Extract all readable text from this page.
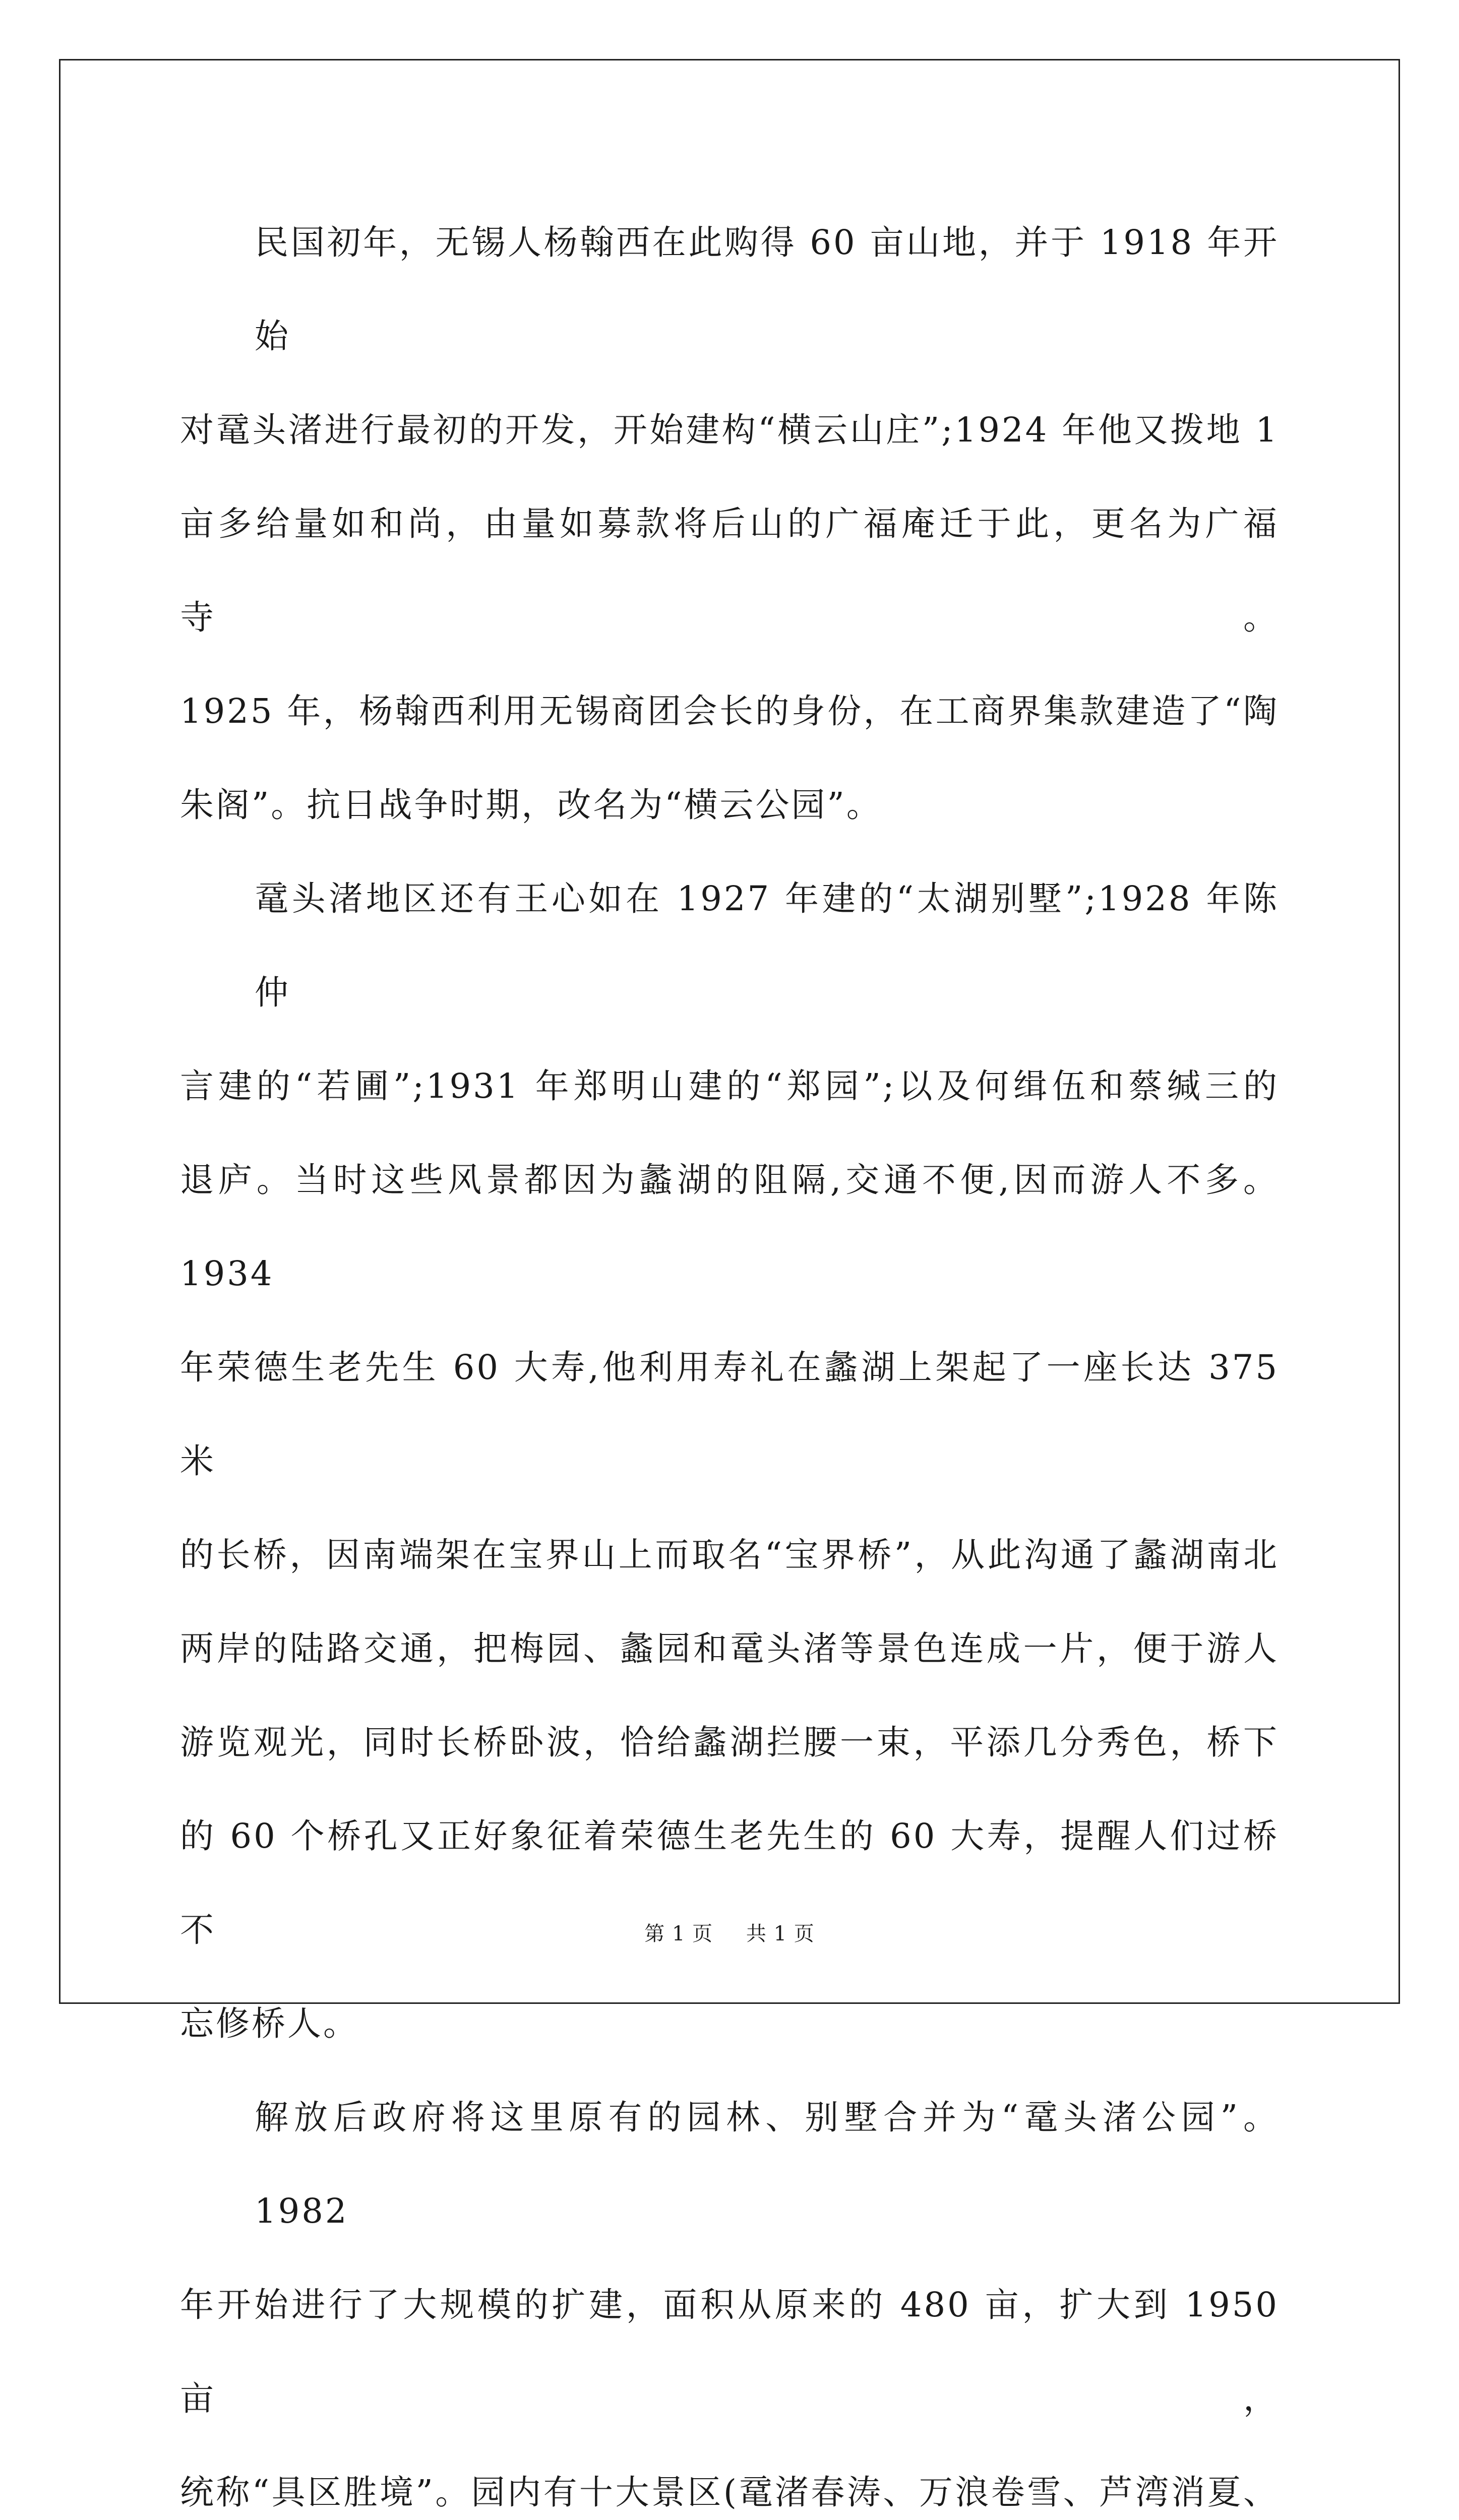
民国初年，无锡人杨翰西在此购得 60 亩山地，并于 1918 年开始
对鼋头渚进行最初的开发，开始建构“横云山庄”;1924 年他又拨地 1
亩多给量如和尚，由量如募款将后山的广福庵迁于此，更名为广福寺。
1925 年，杨翰西利用无锡商团会长的身份，在工商界集款建造了“陶
朱阁”。抗日战争时期，改名为“横云公园”。

鼋头渚地区还有王心如在 1927 年建的“太湖别墅”;1928 年陈仲
言建的“若圃”;1931 年郑明山建的“郑园”;以及何缉伍和蔡缄三的
退庐。当时这些风景都因为蠡湖的阻隔,交通不便,因而游人不多。1934
年荣德生老先生 60 大寿,他利用寿礼在蠡湖上架起了一座长达 375 米
的长桥，因南端架在宝界山上而取名“宝界桥”，从此沟通了蠡湖南北
两岸的陆路交通，把梅园、蠡园和鼋头渚等景色连成一片，便于游人
游览观光，同时长桥卧波，恰给蠡湖拦腰一束，平添几分秀色，桥下
的 60 个桥孔又正好象征着荣德生老先生的 60 大寿，提醒人们过桥不
忘修桥人。

解放后政府将这里原有的园林、别墅合并为“鼋头渚公园”。1982
年开始进行了大规模的扩建，面积从原来的 480 亩，扩大到 1950 亩，
统称“具区胜境”。园内有十大景区(鼋渚春涛、万浪卷雪、芦湾消夏、

第 1 页 共 1 页
